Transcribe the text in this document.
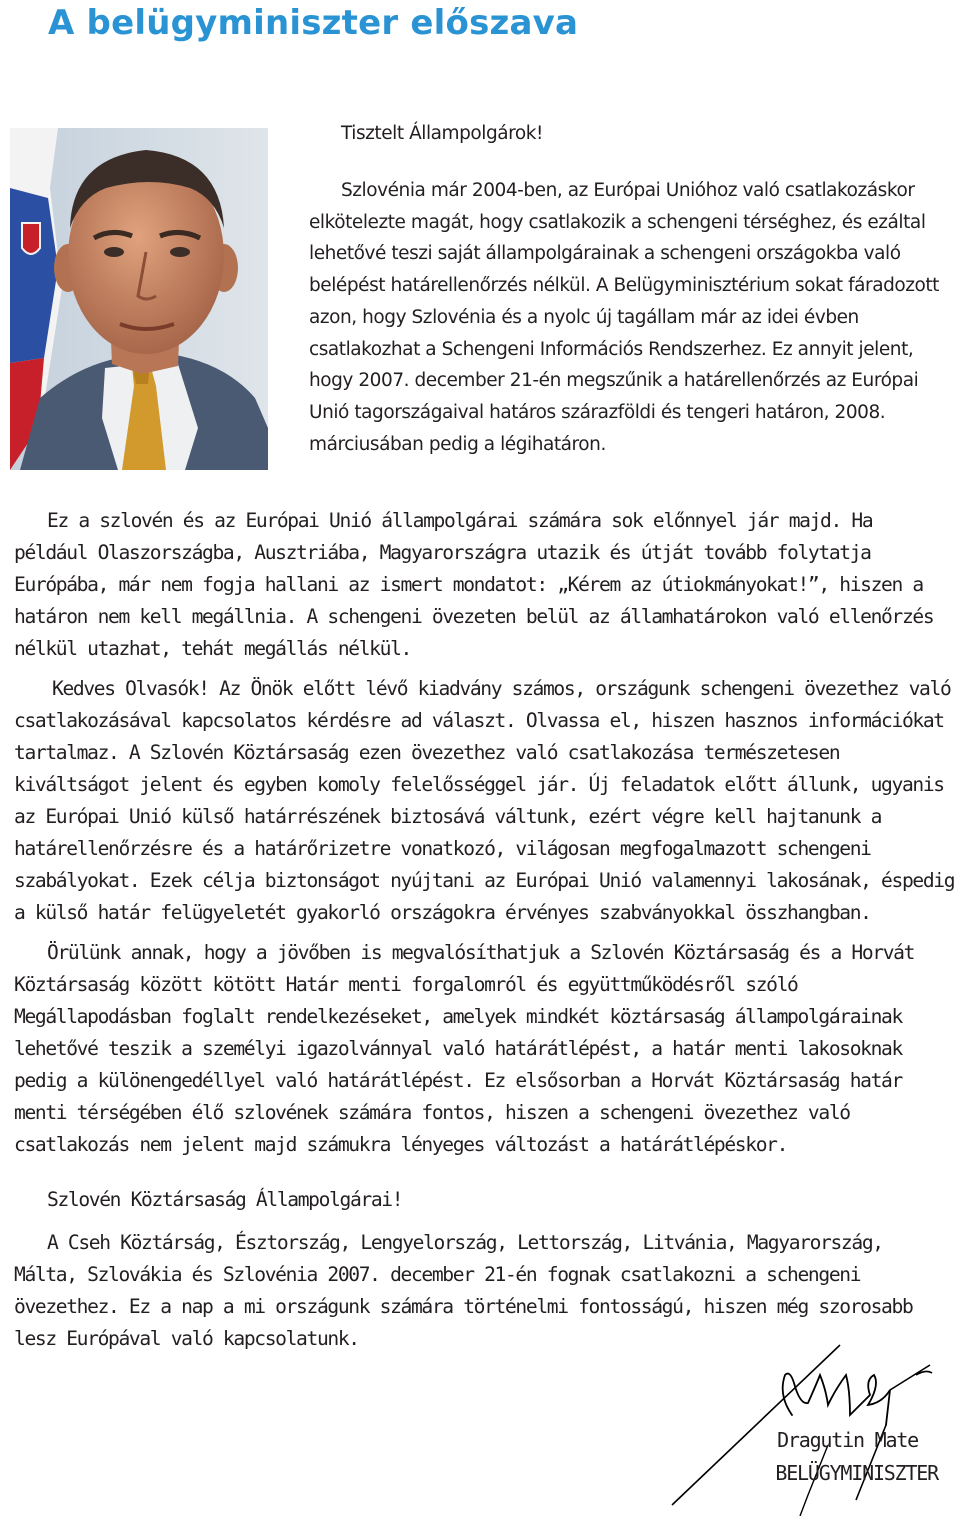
A belügyminiszter előszava

Tisztelt Állampolgárok!

Szlovénia már 2004-ben, az Európai Unióhoz való csatlakozáskor elkötelezte magát, hogy csatlakozik a schengeni térséghez, és ezáltal lehetővé teszi saját állampolgárainak a schengeni országokba való belépést határellenőrzés nélkül. A Belügyminisztérium sokat fáradozott azon, hogy Szlovénia és a nyolc új tagállam már az idei évben csatlakozhat a Schengeni Információs Rendszerhez. Ez annyit jelent, hogy 2007. december 21-én megszűnik a határellenőrzés az Európai Unió tagországaival határos szárazföldi és tengeri határon, 2008. márciusában pedig a légihatáron.

Ez a szlovén és az Európai Unió állampolgárai számára sok előnnyel jár majd. Ha például Olaszországba, Ausztriába, Magyarországra utazik és útját tovább folytatja Európába, már nem fogja hallani az ismert mondatot: „Kérem az útiokmányokat!”, hiszen a határon nem kell megállnia. A schengeni övezeten belül az államhatárokon való ellenőrzés nélkül utazhat, tehát megállás nélkül.

Kedves Olvasók! Az Önök előtt lévő kiadvány számos, országunk schengeni övezethez való csatlakozásával kapcsolatos kérdésre ad választ. Olvassa el, hiszen hasznos információkat tartalmaz. A Szlovén Köztársaság ezen övezethez való csatlakozása természetesen kiváltságot jelent és egyben komoly felelősséggel jár. Új feladatok előtt állunk, ugyanis az Európai Unió külső határrészének biztosává váltunk, ezért végre kell hajtanunk a határellenőrzésre és a határőrizetre vonatkozó, világosan megfogalmazott schengeni szabályokat. Ezek célja biztonságot nyújtani az Európai Unió valamennyi lakosának, éspedig a külső határ felügyeletét gyakorló országokra érvényes szabványokkal összhangban.

Örülünk annak, hogy a jövőben is megvalósíthatjuk a Szlovén Köztársaság és a Horvát Köztársaság között kötött Határ menti forgalomról és együttműködésről szóló Megállapodásban foglalt rendelkezéseket, amelyek mindkét köztársaság állampolgárainak lehetővé teszik a személyi igazolvánnyal való határátlépést, a határ menti lakosoknak pedig a különengedéllyel való határátlépést. Ez elsősorban a Horvát Köztársaság határ menti térségében élő szlovének számára fontos, hiszen a schengeni övezethez való csatlakozás nem jelent majd számukra lényeges változást a határátlépéskor.

Szlovén Köztársaság Állampolgárai!

A Cseh Köztárság, Észtország, Lengyelország, Lettország, Litvánia, Magyarország, Málta, Szlovákia és Szlovénia 2007. december 21-én fognak csatlakozni a schengeni övezethez. Ez a nap a mi országunk számára történelmi fontosságú, hiszen még szorosabb lesz Európával való kapcsolatunk.

Dragutin Mate

BELÜGYMINISZTER
